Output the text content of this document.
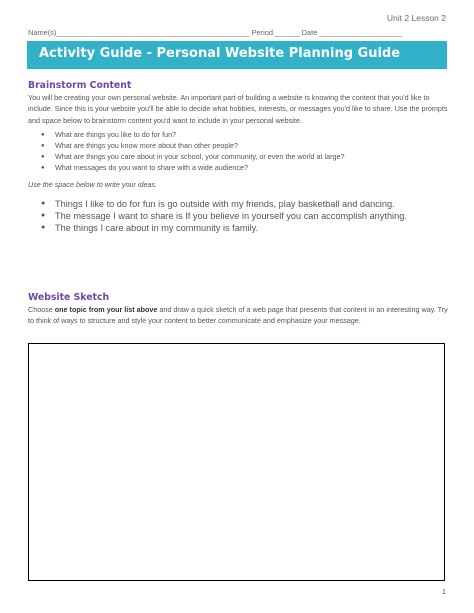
Unit 2 Lesson 2
Name(s)_______________________________________________ Period ______ Date ____________________
Activity Guide - Personal Website Planning Guide
Brainstorm Content
You will be creating your own personal website. An important part of building a website is knowing the content that you'd like to include. Since this is your website you'll be able to decide what hobbies, interests, or messages you'd like to share. Use the prompts and space below to brainstorm content you'd want to include in your personal website.
● What are things you like to do for fun?
● What are things you know more about than other people?
● What are things you care about in your school, your community, or even the world at large?
● What messages do you want to share with a wide audience?
Use the space below to write your ideas.
● Things I like to do for fun is go outside with my friends, play basketball and dancing.
● The message I want to share is If you believe in yourself you can accomplish anything.
● The things I care about in my community is family.
Website Sketch
Choose one topic from your list above and draw a quick sketch of a web page that presents that content in an interesting way. Try to think of ways to structure and style your content to better communicate and emphasize your message.
1
